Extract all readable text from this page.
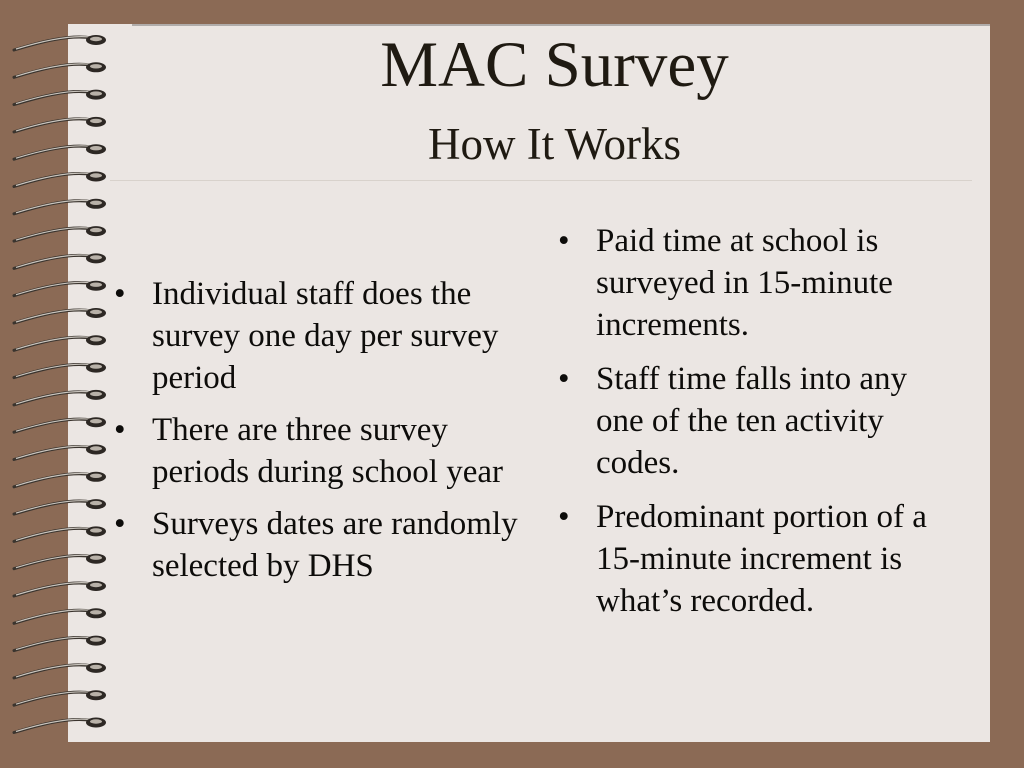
MAC Survey
How It Works
• Individual staff does the survey one day per survey period
• There are three survey periods during school year
• Surveys dates are randomly selected by DHS
• Paid time at school is surveyed in 15-minute increments.
• Staff time falls into any one of the ten activity codes.
• Predominant portion of a 15-minute increment is what’s recorded.
